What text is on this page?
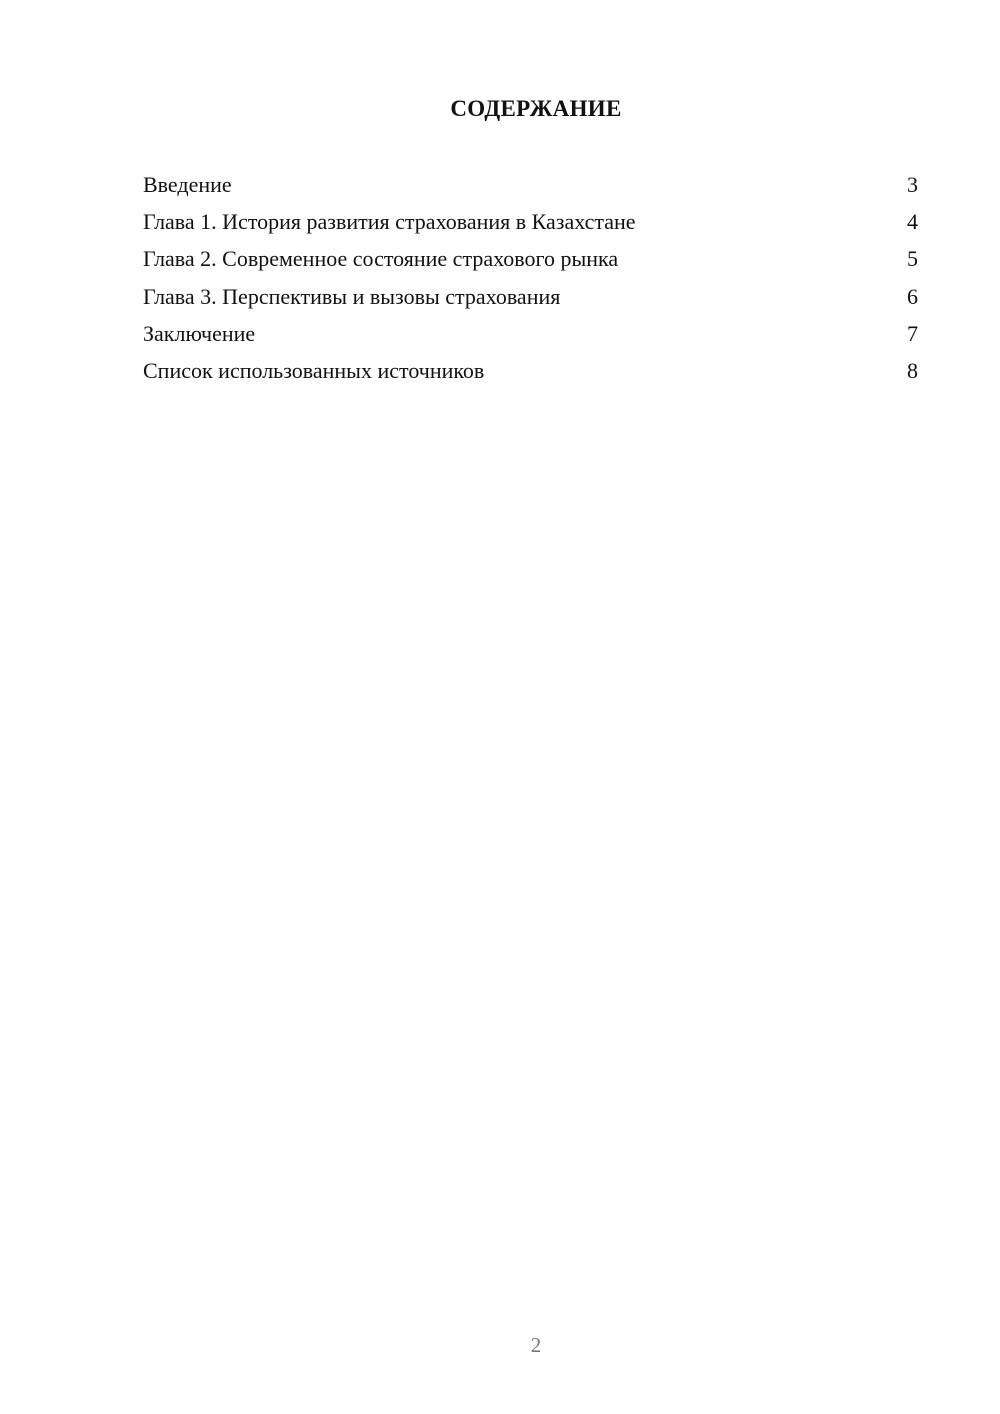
СОДЕРЖАНИЕ
Введение	3
Глава 1. История развития страхования в Казахстане	4
Глава 2. Современное состояние страхового рынка	5
Глава 3. Перспективы и вызовы страхования	6
Заключение	7
Список использованных источников	8
2
